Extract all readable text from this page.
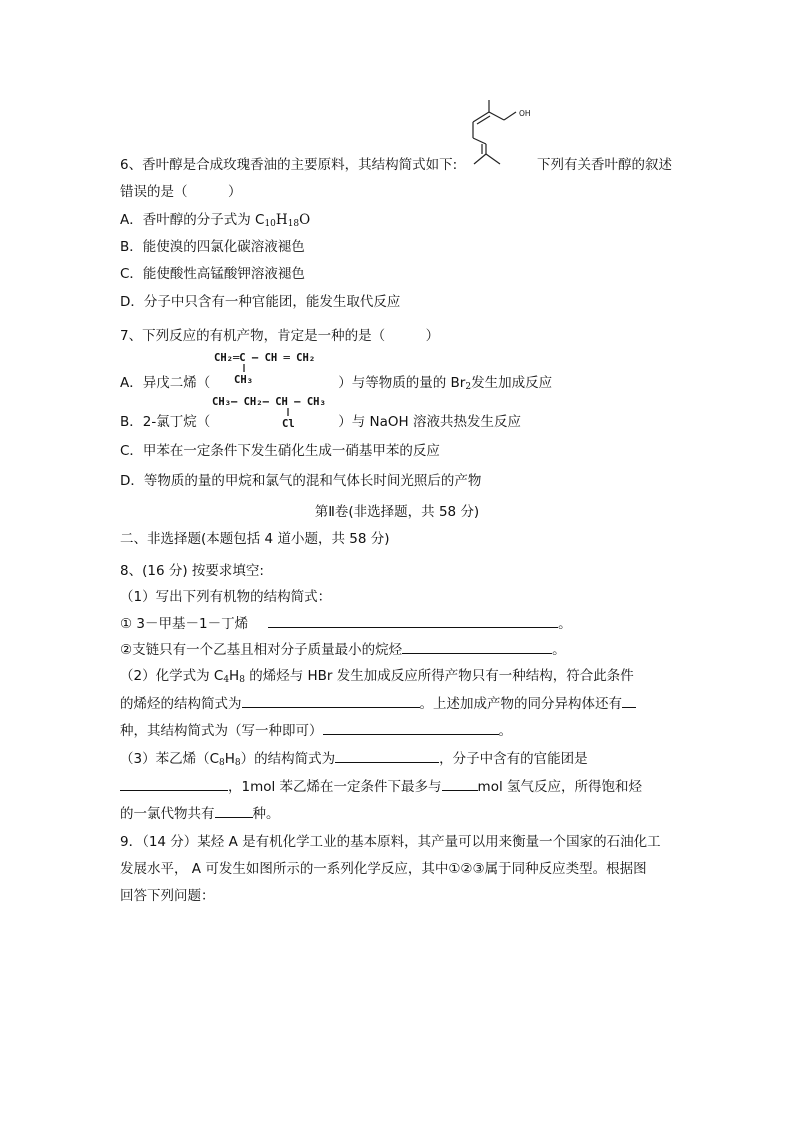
OH
6、香叶醇是合成玫瑰香油的主要原料，其结构简式如下:	下列有关香叶醇的叙述
错误的是（　　　）
A．香叶醇的分子式为 $C_{10}H_{18}O$
B．能使溴的四氯化碳溶液褪色
C．能使酸性高锰酸钾溶液褪色
D．分子中只含有一种官能团，能发生取代反应
7、下列反应的有机产物，肯定是一种的是（　　　）
CH₂═C — CH ═ CH₂
CH₃
A．异戊二烯（	）与等物质的量的 $Br_2$发生加成反应
CH₃— CH₂— CH — CH₃
Cl
B．2-氯丁烷（	）与 NaOH 溶液共热发生反应
C．甲苯在一定条件下发生硝化生成一硝基甲苯的反应
D．等物质的量的甲烷和氯气的混和气体长时间光照后的产物
第Ⅱ卷(非选择题，共 58 分)
二、非选择题(本题包括 4 道小题，共 58 分)
8、(16 分) 按要求填空:
（1）写出下列有机物的结构简式：
① 3－甲基－1－丁烯	。
②支链只有一个乙基且相对分子质量最小的烷烃	。
（2）化学式为 $C_4H_8$ 的烯烃与 HBr 发生加成反应所得产物只有一种结构，符合此条件
的烯烃的结构简式为	。上述加成产物的同分异构体还有
种，其结构简式为（写一种即可）	。
（3）苯乙烯$(C_8H_8)$的结构简式为	，分子中含有的官能团是
，1mol 苯乙烯在一定条件下最多与	mol 氢气反应，所得饱和烃
的一氯代物共有	种。
9．（14 分）某烃 A 是有机化学工业的基本原料，其产量可以用来衡量一个国家的石油化工
发展水平， A 可发生如图所示的一系列化学反应，其中①②③属于同种反应类型。根据图
回答下列问题：
